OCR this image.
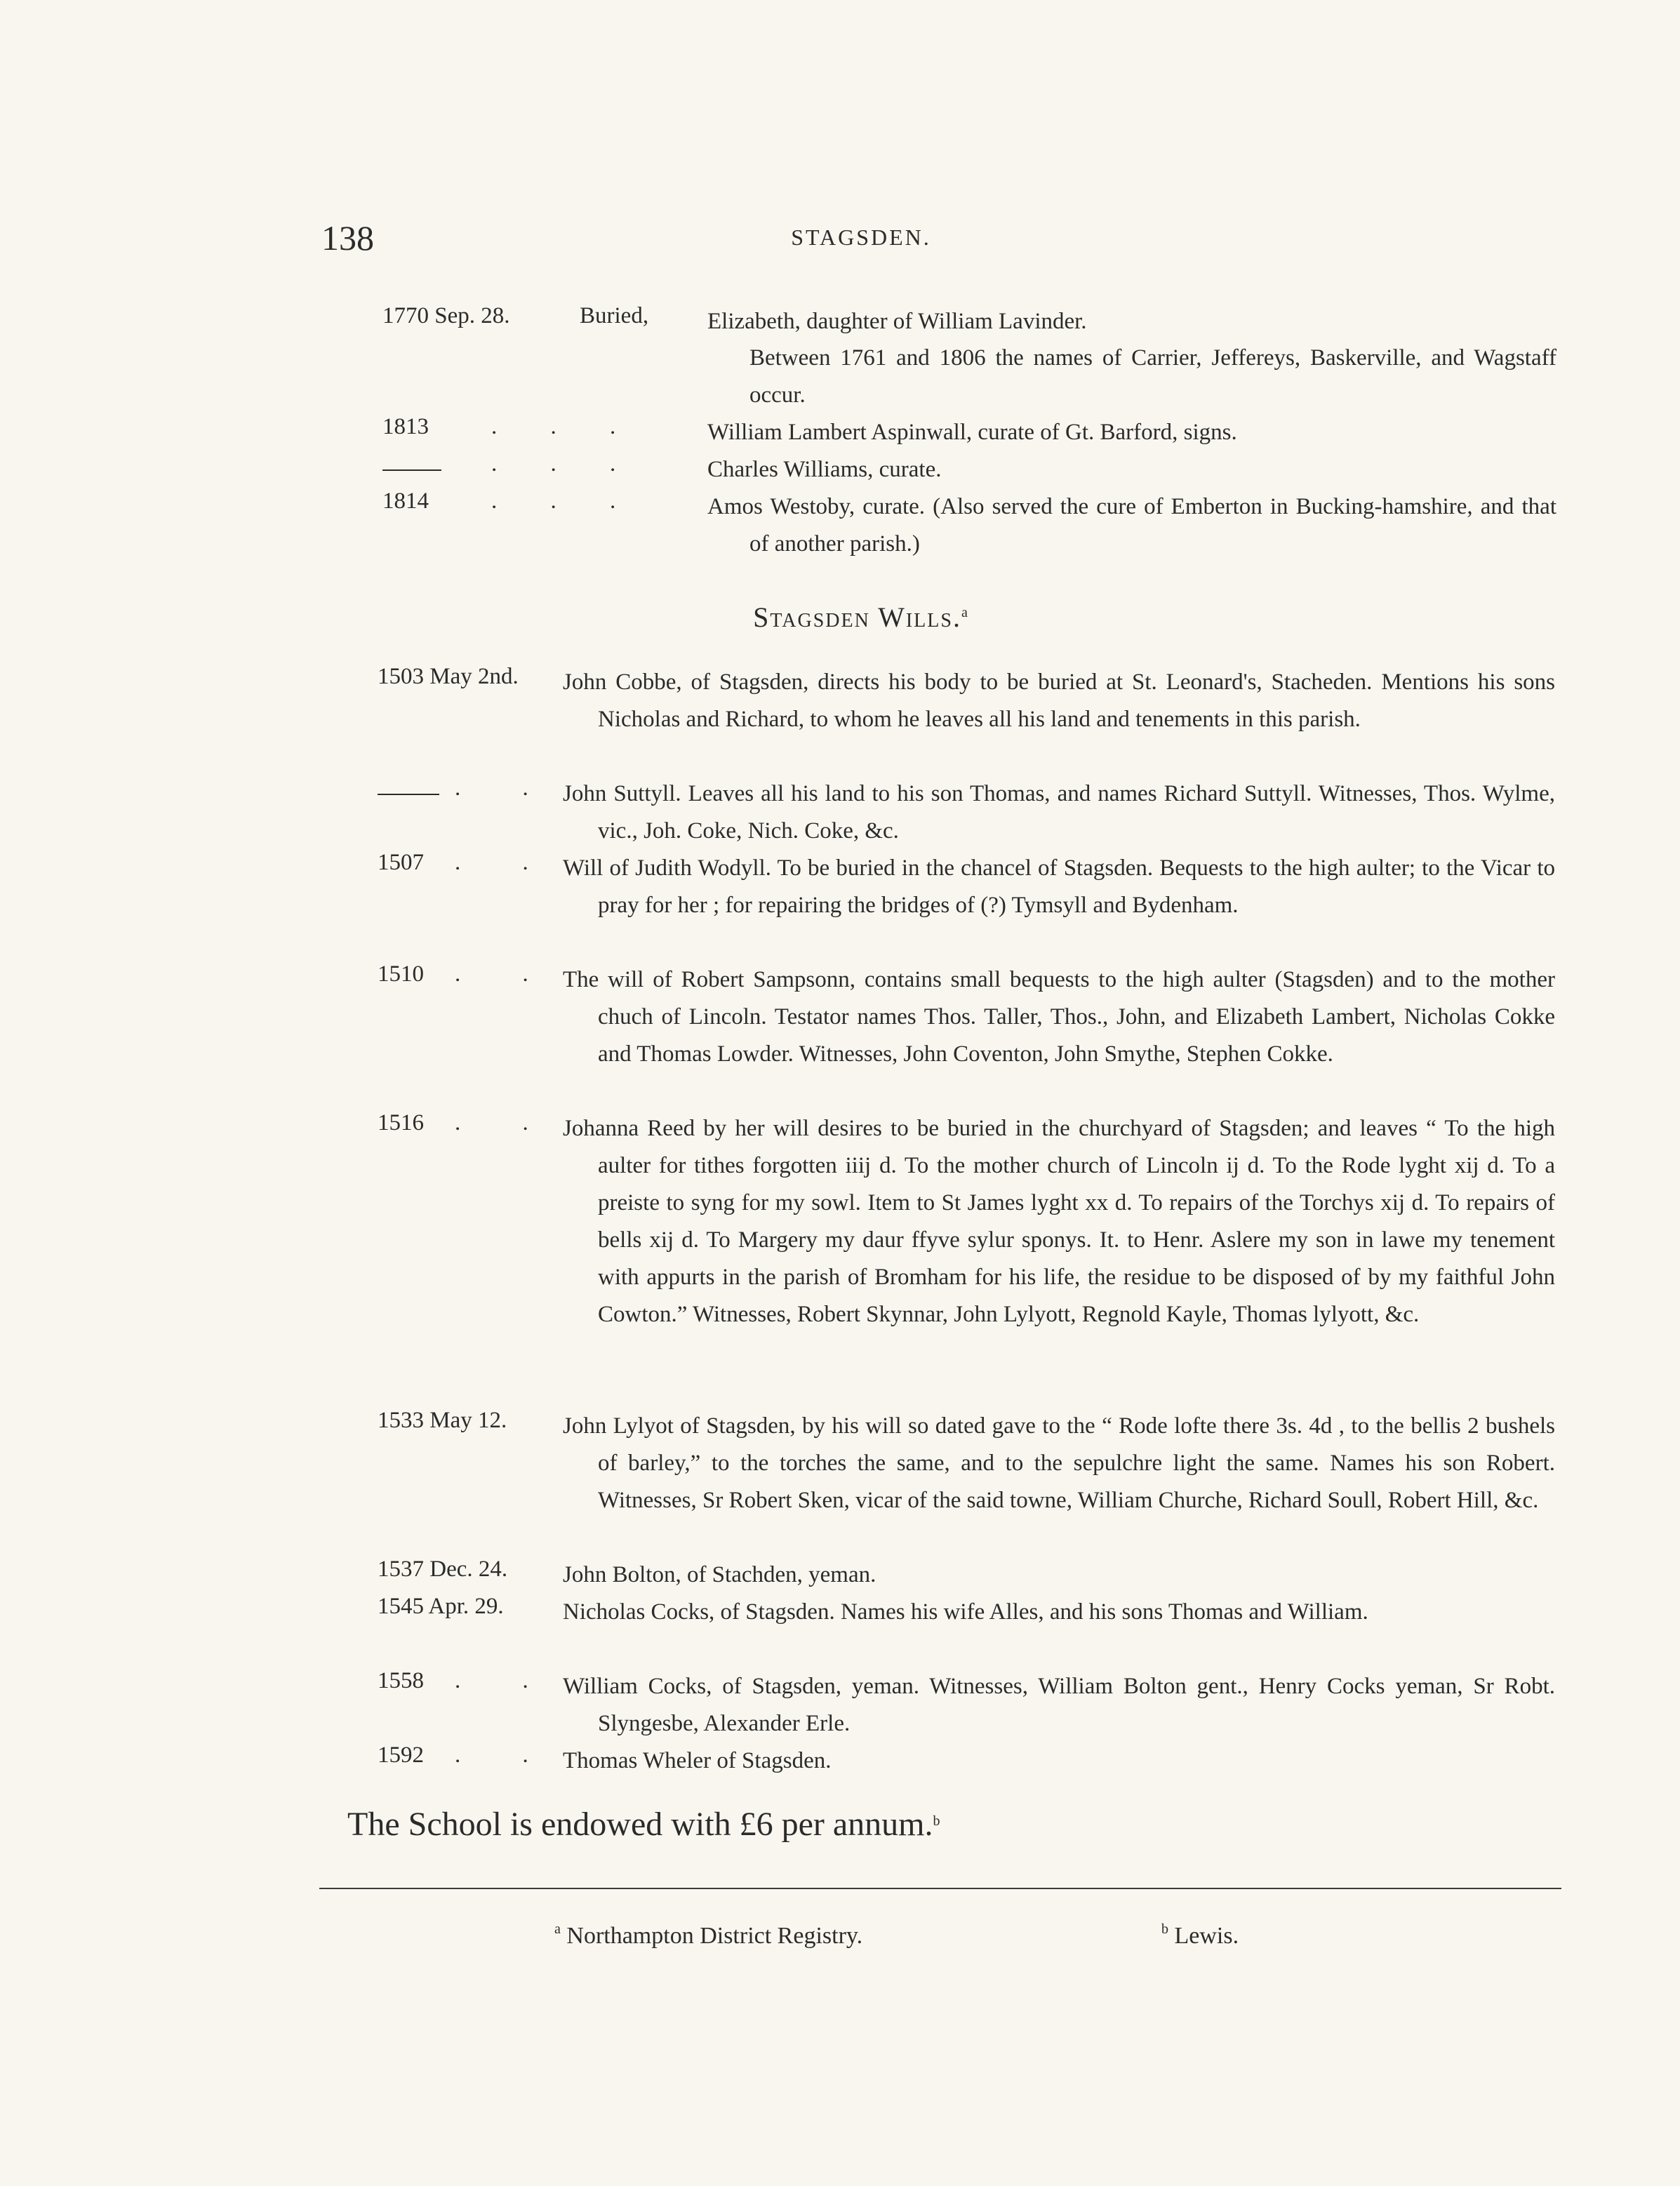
138	STAGSDEN.
1770 Sep. 28.	Buried,	Elizabeth, daughter of William Lavinder.
Between 1761 and 1806 the names of Carrier, Jeffereys, Baskerville, and Wagstaff occur.
1813	. . .	William Lambert Aspinwall, curate of Gt. Barford, signs.
. . .	Charles Williams, curate.
1814	. . .	Amos Westoby, curate. (Also served the cure of Emberton in Bucking-hamshire, and that of another parish.)
Stagsden Wills.$^a$
1503 May 2nd. John Cobbe, of Stagsden, directs his body to be buried at St. Leonard's, Stacheden. Mentions his sons Nicholas and Richard, to whom he leaves all his land and tenements in this parish.
. . John Suttyll. Leaves all his land to his son Thomas, and names Richard Suttyll. Witnesses, Thos. Wylme, vic., Joh. Coke, Nich. Coke, &c.
1507 . . Will of Judith Wodyll. To be buried in the chancel of Stagsden. Bequests to the high aulter; to the Vicar to pray for her ; for repairing the bridges of (?) Tymsyll and Bydenham.
1510 . . The will of Robert Sampsonn, contains small bequests to the high aulter (Stagsden) and to the mother chuch of Lincoln. Testator names Thos. Taller, Thos., John, and Elizabeth Lambert, Nicholas Cokke and Thomas Lowder. Witnesses, John Coventon, John Smythe, Stephen Cokke.
1516 . . Johanna Reed by her will desires to be buried in the churchyard of Stagsden; and leaves “ To the high aulter for tithes forgotten iiij d. To the mother church of Lincoln ij d. To the Rode lyght xij d. To a preiste to syng for my sowl. Item to St James lyght xx d. To repairs of the Torchys xij d. To repairs of bells xij d. To Margery my daur ffyve sylur sponys. It. to Henr. Aslere my son in lawe my tenement with appurts in the parish of Bromham for his life, the residue to be disposed of by my faithful John Cowton.” Witnesses, Robert Skynnar, John Lylyott, Regnold Kayle, Thomas lylyott, &c.
1533 May 12. John Lylyot of Stagsden, by his will so dated gave to the “ Rode lofte there 3s. 4d , to the bellis 2 bushels of barley,” to the torches the same, and to the sepulchre light the same. Names his son Robert. Witnesses, Sr Robert Sken, vicar of the said towne, William Churche, Richard Soull, Robert Hill, &c.
1537 Dec. 24. John Bolton, of Stachden, yeman.
1545 Apr. 29.	Nicholas Cocks, of Stagsden. Names his wife Alles, and his sons Thomas and William.
1558 . . William Cocks, of Stagsden, yeman. Witnesses, William Bolton gent., Henry Cocks yeman, Sr Robt. Slyngesbe, Alexander Erle.
1592 . . Thomas Wheler of Stagsden.
The School is endowed with £6 per annum.$^b$
$^a$ Northampton District Registry.	$^b$ Lewis.
